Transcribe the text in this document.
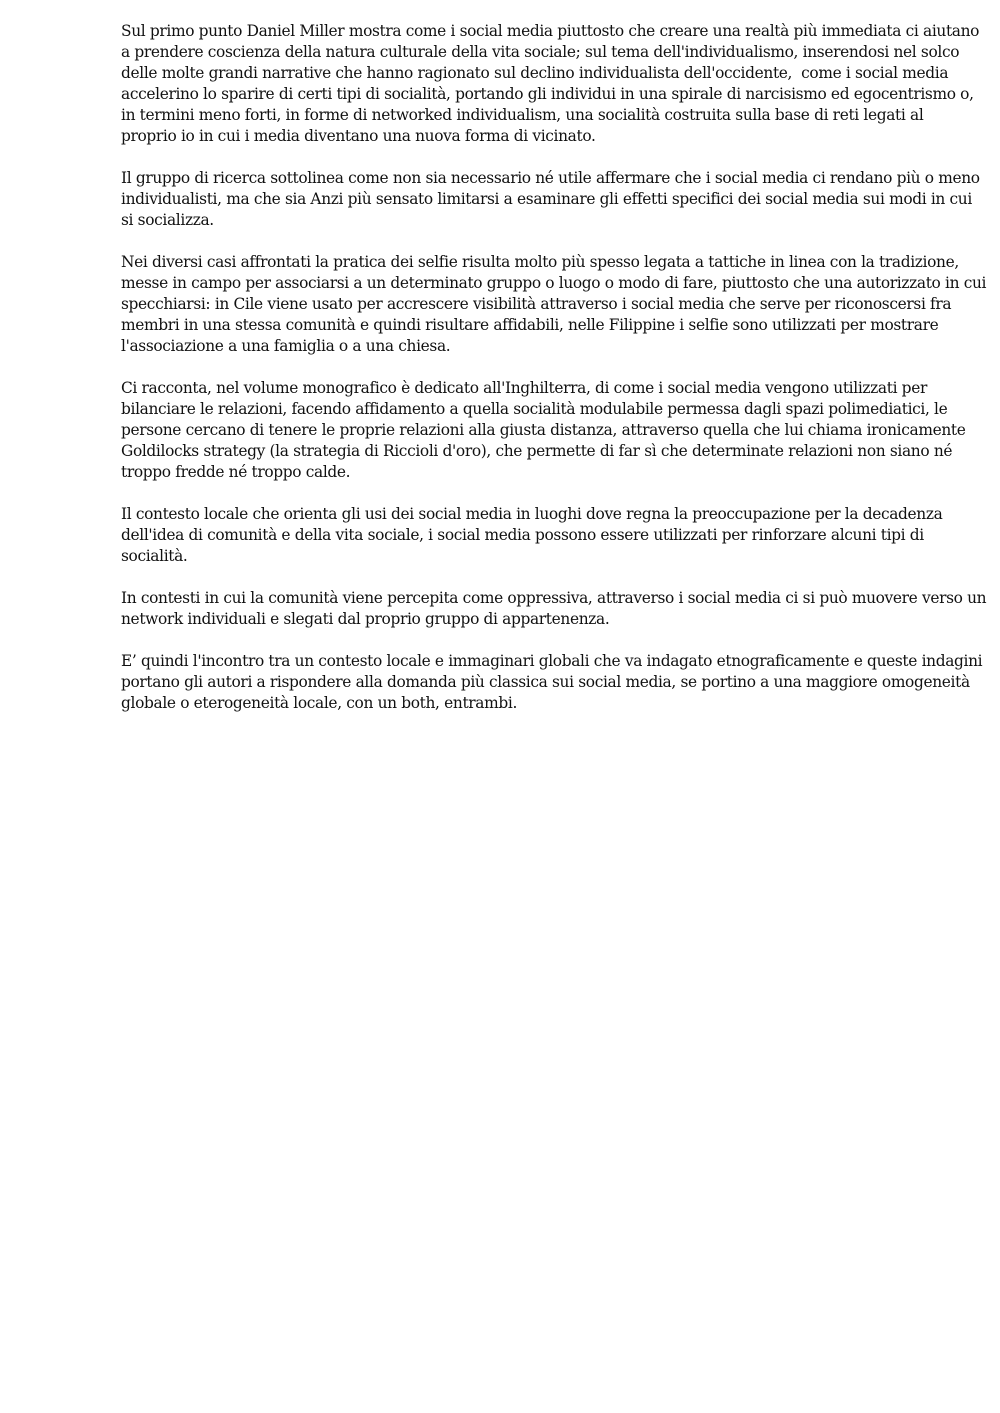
Sul primo punto Daniel Miller mostra come i social media piuttosto che creare una realtà più immediata ci aiutano
a prendere coscienza della natura culturale della vita sociale; sul tema dell'individualismo, inserendosi nel solco
delle molte grandi narrative che hanno ragionato sul declino individualista dell'occidente,  come i social media
accelerino lo sparire di certi tipi di socialità, portando gli individui in una spirale di narcisismo ed egocentrismo o,
in termini meno forti, in forme di networked individualism, una socialità costruita sulla base di reti legati al
proprio io in cui i media diventano una nuova forma di vicinato.
Il gruppo di ricerca sottolinea come non sia necessario né utile affermare che i social media ci rendano più o meno
individualisti, ma che sia Anzi più sensato limitarsi a esaminare gli effetti specifici dei social media sui modi in cui
si socializza.
Nei diversi casi affrontati la pratica dei selfie risulta molto più spesso legata a tattiche in linea con la tradizione,
messe in campo per associarsi a un determinato gruppo o luogo o modo di fare, piuttosto che una autorizzato in cui
specchiarsi: in Cile viene usato per accrescere visibilità attraverso i social media che serve per riconoscersi fra
membri in una stessa comunità e quindi risultare affidabili, nelle Filippine i selfie sono utilizzati per mostrare
l'associazione a una famiglia o a una chiesa.
Ci racconta, nel volume monografico è dedicato all'Inghilterra, di come i social media vengono utilizzati per
bilanciare le relazioni, facendo affidamento a quella socialità modulabile permessa dagli spazi polimediatici, le
persone cercano di tenere le proprie relazioni alla giusta distanza, attraverso quella che lui chiama ironicamente
Goldilocks strategy (la strategia di Riccioli d'oro), che permette di far sì che determinate relazioni non siano né
troppo fredde né troppo calde.
Il contesto locale che orienta gli usi dei social media in luoghi dove regna la preoccupazione per la decadenza
dell'idea di comunità e della vita sociale, i social media possono essere utilizzati per rinforzare alcuni tipi di
socialità.
In contesti in cui la comunità viene percepita come oppressiva, attraverso i social media ci si può muovere verso un
network individuali e slegati dal proprio gruppo di appartenenza.
E’ quindi l'incontro tra un contesto locale e immaginari globali che va indagato etnograficamente e queste indagini
portano gli autori a rispondere alla domanda più classica sui social media, se portino a una maggiore omogeneità
globale o eterogeneità locale, con un both, entrambi.
